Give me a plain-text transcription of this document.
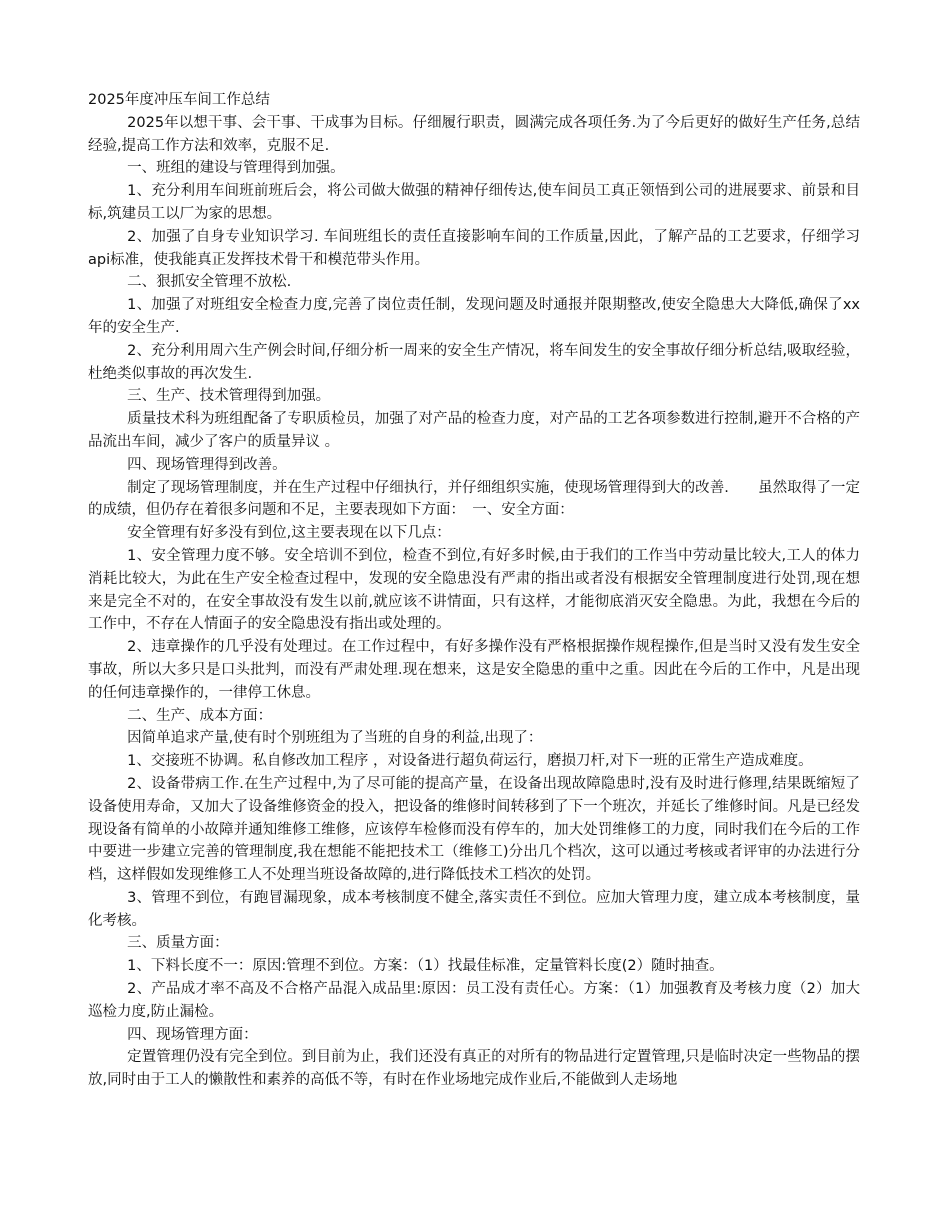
2025年度冲压车间工作总结

2025年以想干事、会干事、干成事为目标。仔细履行职责，圆满完成各项任务.为了今后更好的做好生产任务,总结经验,提高工作方法和效率，克服不足.

一、班组的建设与管理得到加强。

1、充分利用车间班前班后会，将公司做大做强的精神仔细传达,使车间员工真正领悟到公司的进展要求、前景和目标,筑建员工以厂为家的思想。

2、加强了自身专业知识学习. 车间班组长的责任直接影响车间的工作质量,因此，了解产品的工艺要求，仔细学习api标准，使我能真正发挥技术骨干和模范带头作用。

二、狠抓安全管理不放松.

1、加强了对班组安全检查力度,完善了岗位责任制，发现问题及时通报并限期整改,使安全隐患大大降低,确保了xx年的安全生产.

2、充分利用周六生产例会时间,仔细分析一周来的安全生产情况，将车间发生的安全事故仔细分析总结,吸取经验，杜绝类似事故的再次发生.

三、生产、技术管理得到加强。

质量技术科为班组配备了专职质检员，加强了对产品的检查力度，对产品的工艺各项参数进行控制,避开不合格的产品流出车间，减少了客户的质量异议 。

四、现场管理得到改善。

制定了现场管理制度，并在生产过程中仔细执行，并仔细组织实施，使现场管理得到大的改善.　　虽然取得了一定的成绩，但仍存在着很多问题和不足，主要表现如下方面：　一、安全方面：

安全管理有好多没有到位,这主要表现在以下几点：

1、安全管理力度不够。安全培训不到位，检查不到位,有好多时候,由于我们的工作当中劳动量比较大,工人的体力消耗比较大，为此在生产安全检查过程中，发现的安全隐患没有严肃的指出或者没有根据安全管理制度进行处罚,现在想来是完全不对的，在安全事故没有发生以前,就应该不讲情面，只有这样，才能彻底消灭安全隐患。为此，我想在今后的工作中，不存在人情面子的安全隐患没有指出或处理的。

2、违章操作的几乎没有处理过。在工作过程中，有好多操作没有严格根据操作规程操作,但是当时又没有发生安全事故，所以大多只是口头批判，而没有严肃处理.现在想来，这是安全隐患的重中之重。因此在今后的工作中，凡是出现的任何违章操作的，一律停工休息。

二、生产、成本方面：

因简单追求产量,使有时个别班组为了当班的自身的利益,出现了：

1、交接班不协调。私自修改加工程序 ，对设备进行超负荷运行，磨损刀杆,对下一班的正常生产造成难度。

2、设备带病工作.在生产过程中,为了尽可能的提高产量，在设备出现故障隐患时,没有及时进行修理,结果既缩短了设备使用寿命，又加大了设备维修资金的投入，把设备的维修时间转移到了下一个班次，并延长了维修时间。凡是已经发现设备有简单的小故障并通知维修工维修，应该停车检修而没有停车的，加大处罚维修工的力度，同时我们在今后的工作中要进一步建立完善的管理制度,我在想能不能把技术工（维修工)分出几个档次，这可以通过考核或者评审的办法进行分档，这样假如发现维修工人不处理当班设备故障的,进行降低技术工档次的处罚。

3、管理不到位，有跑冒漏现象，成本考核制度不健全,落实责任不到位。应加大管理力度，建立成本考核制度，量化考核。

三、质量方面：

1、下料长度不一：原因:管理不到位。方案：（1）找最佳标准，定量管料长度(2）随时抽查。

2、产品成才率不高及不合格产品混入成品里:原因：员工没有责任心。方案：（1）加强教育及考核力度（2）加大巡检力度,防止漏检。

四、现场管理方面：

定置管理仍没有完全到位。到目前为止，我们还没有真正的对所有的物品进行定置管理,只是临时决定一些物品的摆放,同时由于工人的懒散性和素养的高低不等，有时在作业场地完成作业后,不能做到人走场地
